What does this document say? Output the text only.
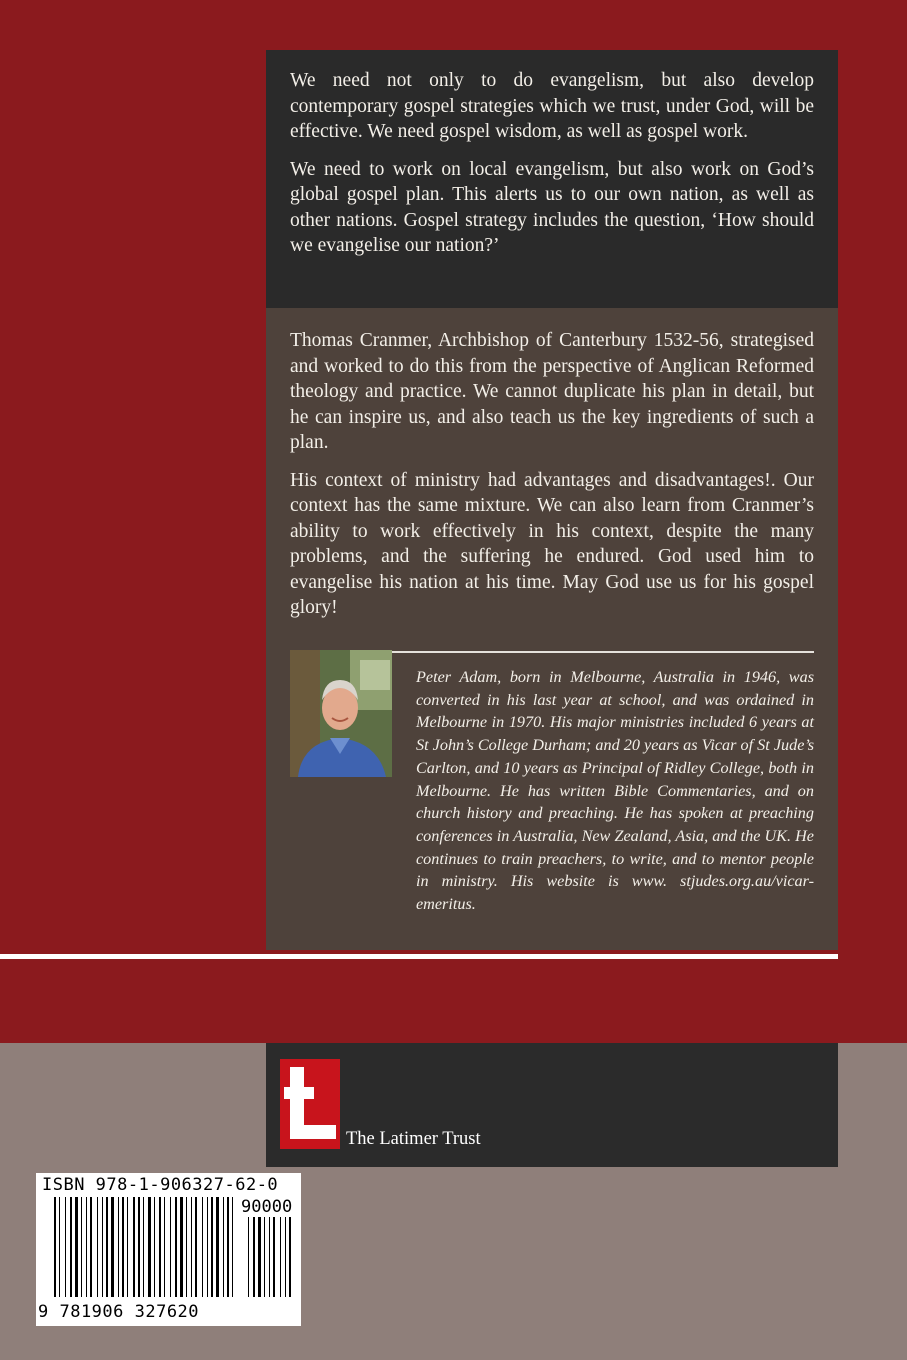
We need not only to do evangelism, but also develop contemporary gospel strategies which we trust, under God, will be effective. We need gospel wisdom, as well as gospel work.

We need to work on local evangelism, but also work on God’s global gospel plan. This alerts us to our own nation, as well as other nations. Gospel strategy includes the question, ‘How should we evangelise our nation?’

Thomas Cranmer, Archbishop of Canterbury 1532-56, strategised and worked to do this from the perspective of Anglican Reformed theology and practice. We cannot duplicate his plan in detail, but he can inspire us, and also teach us the key ingredients of such a plan.

His context of ministry had advantages and disadvantages!. Our context has the same mixture. We can also learn from Cranmer’s ability to work effectively in his context, despite the many problems, and the suffering he endured. God used him to evangelise his nation at his time. May God use us for his gospel glory!

Peter Adam, born in Melbourne, Australia in 1946, was converted in his last year at school, and was ordained in Melbourne in 1970. His major ministries included 6 years at St John’s College Durham; and 20 years as Vicar of St Jude’s Carlton, and 10 years as Principal of Ridley College, both in Melbourne. He has written Bible Commentaries, and on church history and preaching. He has spoken at preaching conferences in Australia, New Zealand, Asia, and the UK. He continues to train preachers, to write, and to mentor people in ministry. His website is www. stjudes.org.au/vicar-emeritus.

The Latimer Trust
ISBN 978-1-906327-62-0
90000
9 781906 327620
